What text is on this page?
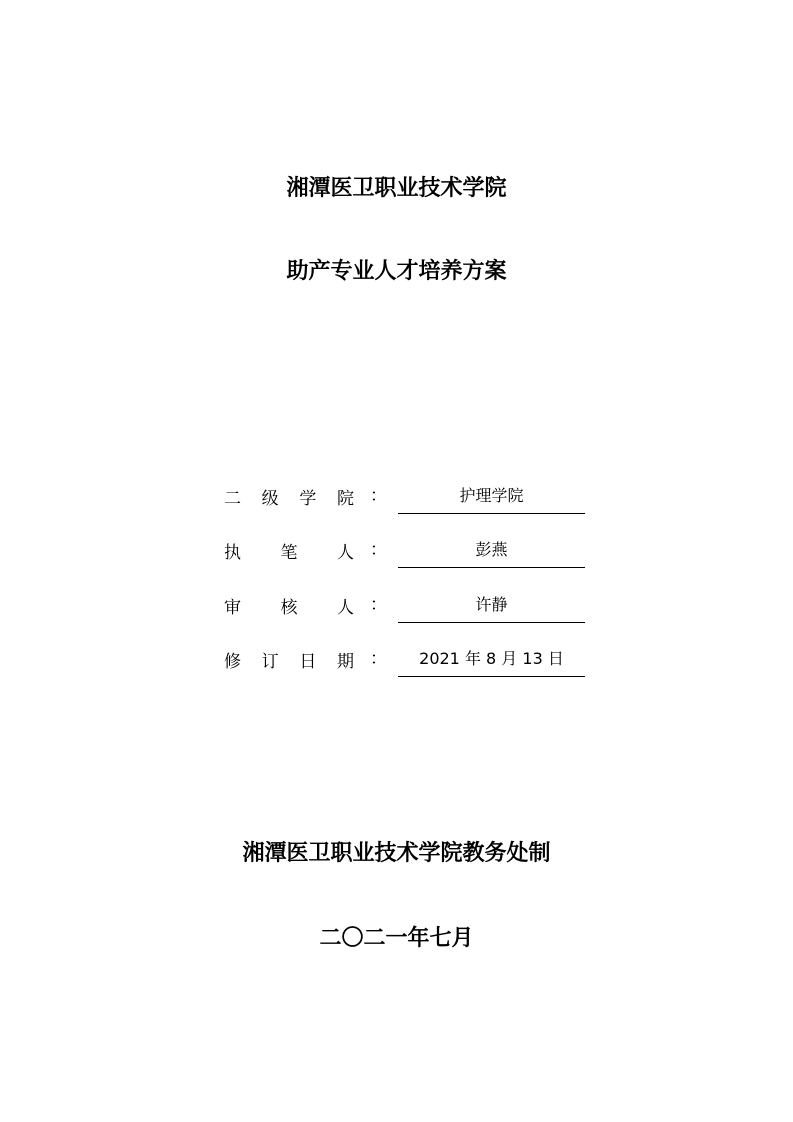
湘潭医卫职业技术学院
助产专业人才培养方案
二 级 学 院 ：	护理学院
执 笔 人 ：	彭燕
审 核 人 ：	许静
修 订 日 期 ：	2021 年 8 月 13 日
湘潭医卫职业技术学院教务处制
二〇二一年七月
